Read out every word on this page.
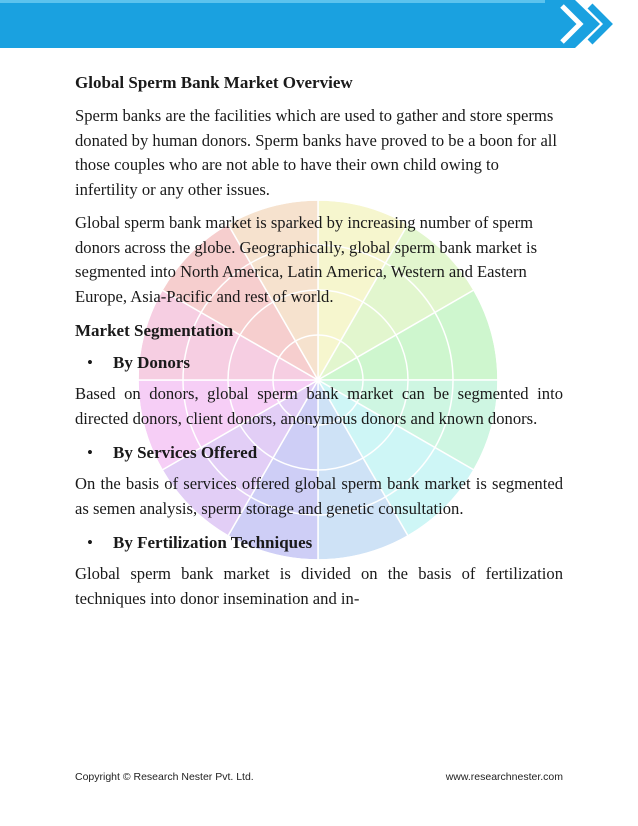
Global Sperm Bank Market Overview

Sperm banks are the facilities which are used to gather and store sperms donated by human donors. Sperm banks have proved to be a boon for all those couples who are not able to have their own child owing to infertility or any other issues.

Global sperm bank market is sparked by increasing number of sperm donors across the globe. Geographically, global sperm bank market is segmented into North America, Latin America, Western and Eastern Europe, Asia-Pacific and rest of world.

Market Segmentation
•	By Donors

Based on donors, global sperm bank market can be segmented into directed donors, client donors, anonymous donors and known donors.

•	By Services Offered

On the basis of services offered global sperm bank market is segmented as semen analysis, sperm storage and genetic consultation.

•	By Fertilization Techniques

Global sperm bank market is divided on the basis of fertilization techniques into donor insemination and in-

Copyright © Research Nester Pvt. Ltd.	www.researchnester.com
